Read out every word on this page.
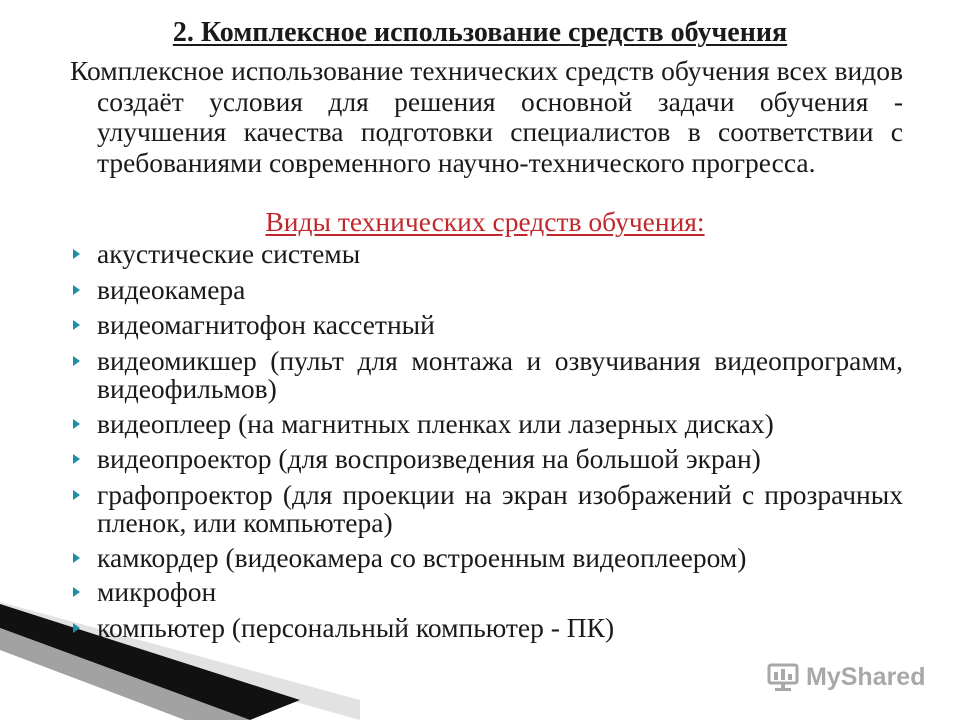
2. Комплексное использование средств обучения

Комплексное использование технических средств обучения всех видов создаёт условия для решения основной задачи обучения - улучшения качества подготовки специалистов в соответствии с требованиями современного научно-технического прогресса.

Виды технических средств обучения:
акустические системы
видеокамера
видеомагнитофон кассетный
видеомикшер (пульт для монтажа и озвучивания видеопрограмм, видеофильмов)
видеоплеер (на магнитных пленках или лазерных дисках)
видеопроектор (для воспроизведения на большой экран)
графопроектор (для проекции на экран изображений с прозрачных пленок, или компьютера)
камкордер (видеокамера со встроенным видеоплеером)
микрофон
компьютер (персональный компьютер - ПК)
MyShared
